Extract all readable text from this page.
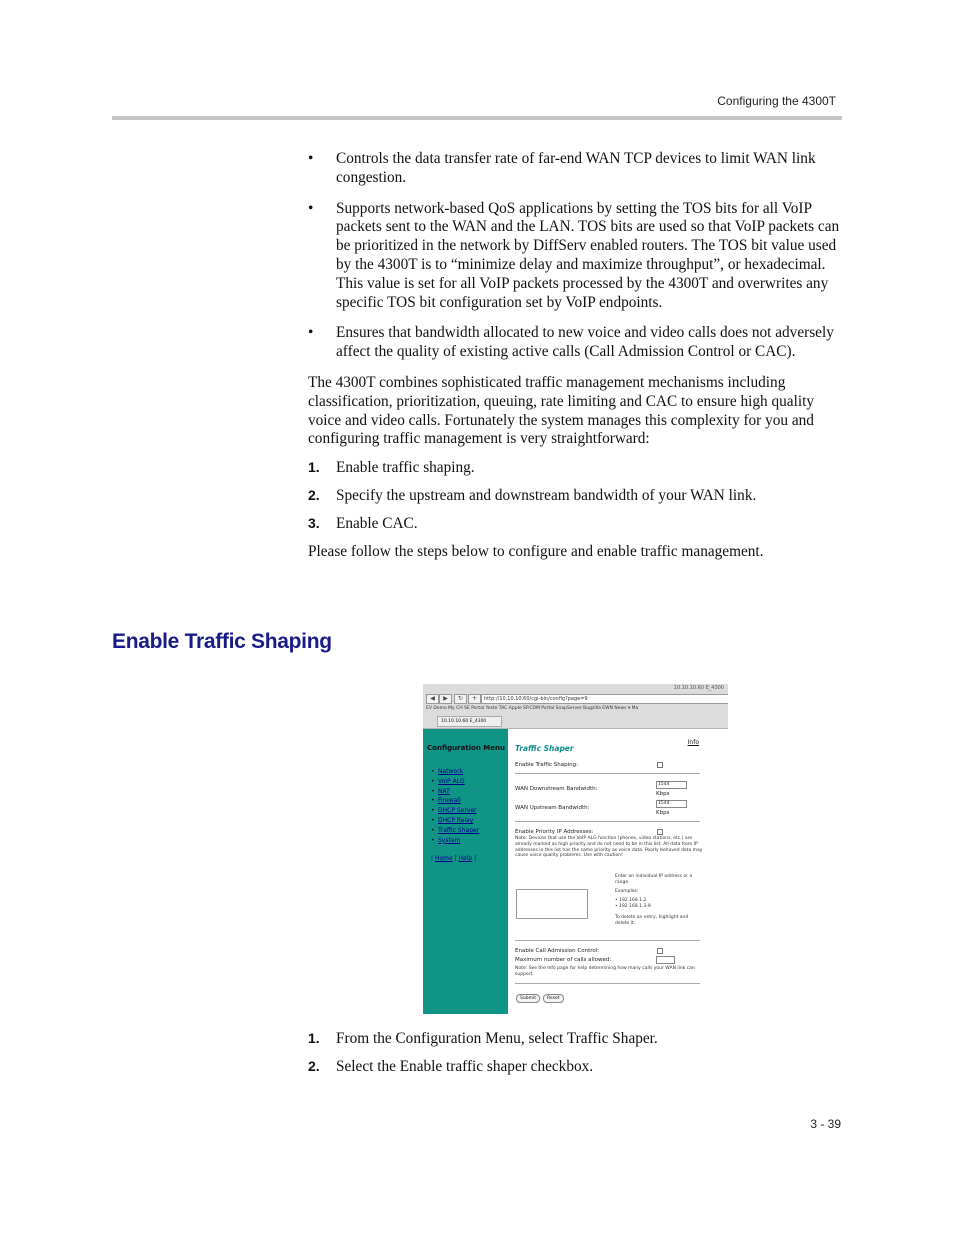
Configuring the 4300T
• Controls the data transfer rate of far-end WAN TCP devices to limit WAN link congestion.
• Supports network-based QoS applications by setting the TOS bits for all VoIP packets sent to the WAN and the LAN. TOS bits are used so that VoIP packets can be prioritized in the network by DiffServ enabled routers. The TOS bit value used by the 4300T is to “minimize delay and maximize throughput”, or hexadecimal. This value is set for all VoIP packets processed by the 4300T and overwrites any specific TOS bit configuration set by VoIP endpoints.
• Ensures that bandwidth allocated to new voice and video calls does not adversely affect the quality of existing active calls (Call Admission Control or CAC).

The 4300T combines sophisticated traffic management mechanisms including classification, prioritization, queuing, rate limiting and CAC to ensure high quality voice and video calls. Fortunately the system manages this complexity for you and configuring traffic management is very straightforward:

1. Enable traffic shaping.
2. Specify the upstream and downstream bandwidth of your WAN link.
3. Enable CAC.

Please follow the steps below to configure and enable traffic management.

Enable Traffic Shaping
10.10.10.60 E_4300
◀	▶	↻	+	http://10.10.10.60/cgi-bin/config?page=9
EV Demo My CH SE Portal Yeste TAC Apple SP.COM Portal SnapServer Bugzilla EWN News ▾ Ma
10.10.10.60 E_4300
Configuration Menu
• Network
• VoIP ALG
• NAT
• Firewall
• DHCP Server
• DHCP Relay
• Traffic Shaper
• System
| Home | Help |
Traffic Shaper
Info
Enable Traffic Shaping:
WAN Downstream Bandwidth:
1544
Kbps
WAN Upstream Bandwidth:
1544
Kbps
Enable Priority IP Addresses:
Note: Devices that use the VoIP ALG function (phones, video stations, etc.) are already marked as high priority and do not need to be in this list. All data from IP addresses in this list has the same priority as voice data. Poorly behaved data may cause voice quality problems. Use with caution!
Enter an individual IP address or a range.
Examples:
• 192.168.1.2
• 192.168.1.3-9
To delete an entry, highlight and delete it.
Enable Call Admission Control:
Maximum number of calls allowed:
Note: See the Info page for help determining how many calls your WAN link can support.
Submit	Reset
1. From the Configuration Menu, select Traffic Shaper.
2. Select the Enable traffic shaper checkbox.
3 - 39
